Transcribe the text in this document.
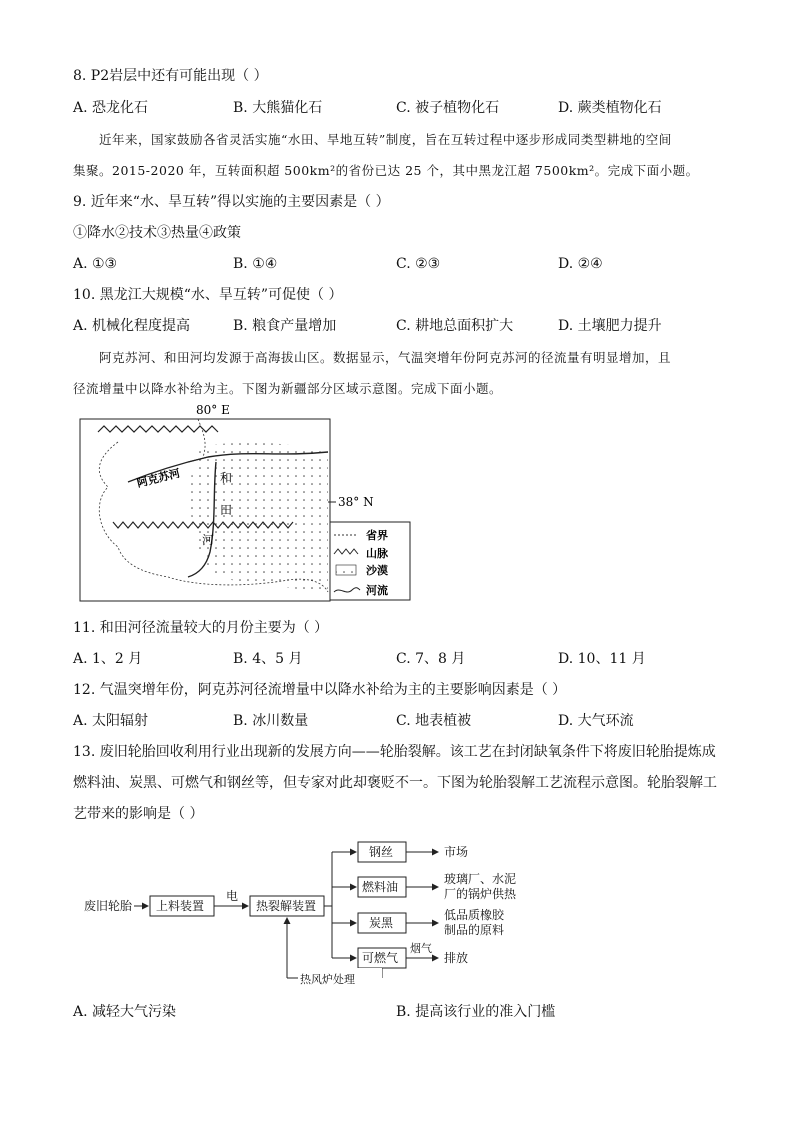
8. P2岩层中还有可能出现（ ）
A. 恐龙化石	B. 大熊猫化石	C. 被子植物化石	D. 蕨类植物化石
近年来，国家鼓励各省灵活实施“水田、旱地互转”制度，旨在互转过程中逐步形成同类型耕地的空间
集聚。2015-2020 年，互转面积超 500km²的省份已达 25 个，其中黑龙江超 7500km²。完成下面小题。
9. 近年来“水、旱互转”得以实施的主要因素是（ ）
①降水②技术③热量④政策
A. ①③	B. ①④	C. ②③	D. ②④
10. 黑龙江大规模“水、旱互转”可促使（ ）
A. 机械化程度提高	B. 粮食产量增加	C. 耕地总面积扩大	D. 土壤肥力提升
阿克苏河、和田河均发源于高海拔山区。数据显示，气温突增年份阿克苏河的径流量有明显增加，且
径流增量中以降水补给为主。下图为新疆部分区域示意图。完成下面小题。
80° E
阿克苏河	和
田
河
38° N
省界
山脉
沙漠
河流
11. 和田河径流量较大的月份主要为（ ）
A. 1、2 月	B. 4、5 月	C. 7、8 月	D. 10、11 月
12. 气温突增年份，阿克苏河径流增量中以降水补给为主的主要影响因素是（ ）
A. 太阳辐射	B. 冰川数量	C. 地表植被	D. 大气环流
13. 废旧轮胎回收利用行业出现新的发展方向——轮胎裂解。该工艺在封闭缺氧条件下将废旧轮胎提炼成
燃料油、炭黑、可燃气和钢丝等，但专家对此却褒贬不一。下图为轮胎裂解工艺流程示意图。轮胎裂解工
艺带来的影响是（ ）
废旧轮胎 上料装置
电
热裂解装置
钢丝
燃料油
炭黑
可燃气
市场
玻璃厂、水泥
厂的锅炉供热
低品质橡胶
制品的原料
烟气
排放
热风炉处理
A. 减轻大气污染	B. 提高该行业的准入门槛
